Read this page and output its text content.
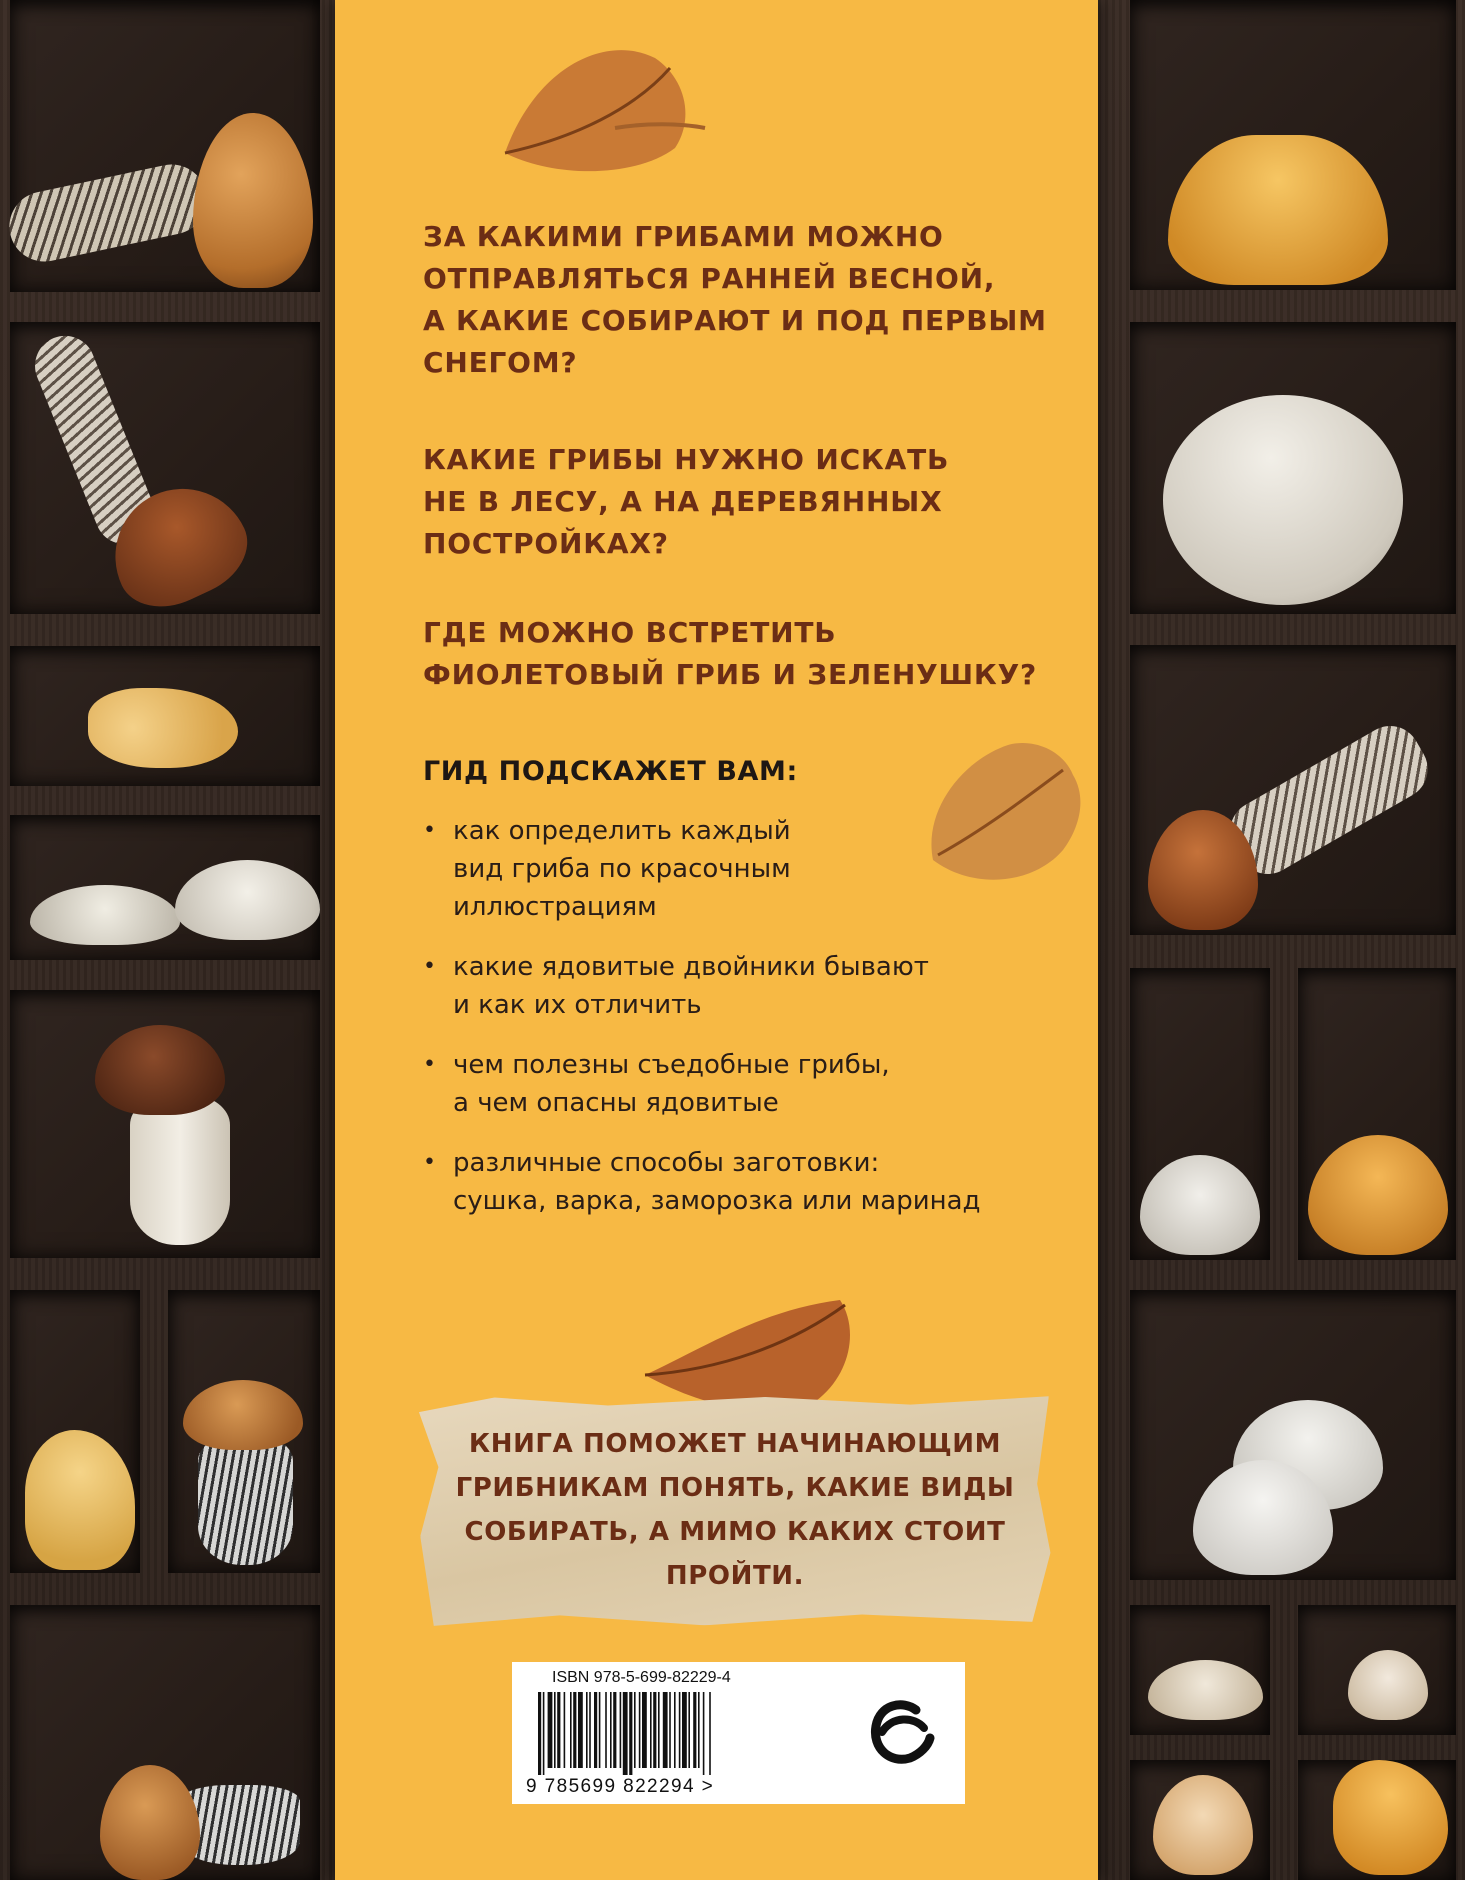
ЗА КАКИМИ ГРИБАМИ МОЖНО
ОТПРАВЛЯТЬСЯ РАННЕЙ ВЕСНОЙ,
А КАКИЕ СОБИРАЮТ И ПОД ПЕРВЫМ
СНЕГОМ?

КАКИЕ ГРИБЫ НУЖНО ИСКАТЬ
НЕ В ЛЕСУ, А НА ДЕРЕВЯННЫХ
ПОСТРОЙКАХ?

ГДЕ МОЖНО ВСТРЕТИТЬ
ФИОЛЕТОВЫЙ ГРИБ И ЗЕЛЕНУШКУ?

ГИД ПОДСКАЖЕТ ВАМ:

• как определить каждый
вид гриба по красочным
иллюстрациям
• какие ядовитые двойники бывают
и как их отличить
• чем полезны съедобные грибы,
а чем опасны ядовитые
• различные способы заготовки:
сушка, варка, заморозка или маринад

КНИГА ПОМОЖЕТ НАЧИНАЮЩИМ
ГРИБНИКАМ ПОНЯТЬ, КАКИЕ ВИДЫ
СОБИРАТЬ, А МИМО КАКИХ СТОИТ
ПРОЙТИ.

ISBN 978-5-699-82229-4

9 785699 822294 >
